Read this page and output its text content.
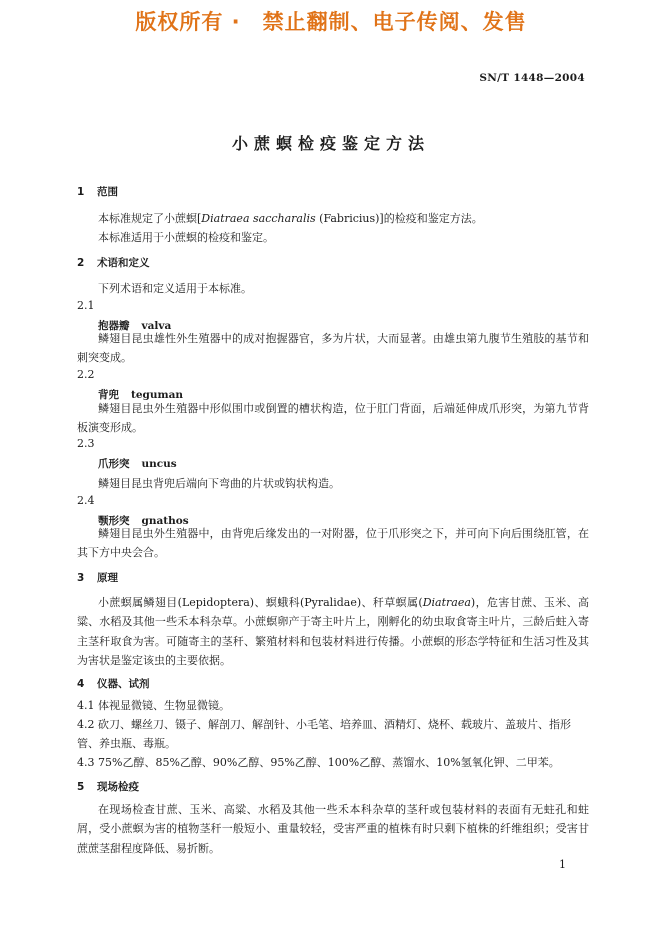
版权所有 ·　禁止翻制、电子传阅、发售
SN/T 1448—2004
小蔗螟检疫鉴定方法
1 范围
本标准规定了小蔗螟[Diatraea saccharalis (Fabricius)]的检疫和鉴定方法。
本标准适用于小蔗螟的检疫和鉴定。
2 术语和定义
下列术语和定义适用于本标准。
2.1
抱器瓣 valva
鳞翅目昆虫雄性外生殖器中的成对抱握器官，多为片状，大而显著。由雄虫第九腹节生殖肢的基节和刺突变成。
2.2
背兜 teguman
鳞翅目昆虫外生殖器中形似围巾或倒置的槽状构造，位于肛门背面，后端延伸成爪形突，为第九节背板演变形成。
2.3
爪形突 uncus
鳞翅目昆虫背兜后端向下弯曲的片状或钩状构造。
2.4
颚形突 gnathos
鳞翅目昆虫外生殖器中，由背兜后缘发出的一对附器，位于爪形突之下，并可向下向后围绕肛管，在其下方中央会合。
3 原理
小蔗螟属鳞翅目(Lepidoptera)、螟蛾科(Pyralidae)、秆草螟属(Diatraea)，危害甘蔗、玉米、高粱、水稻及其他一些禾本科杂草。小蔗螟卵产于寄主叶片上，刚孵化的幼虫取食寄主叶片，三龄后蛀入寄主茎秆取食为害。可随寄主的茎秆、繁殖材料和包装材料进行传播。小蔗螟的形态学特征和生活习性及其为害状是鉴定该虫的主要依据。
4 仪器、试剂
4.1 体视显微镜、生物显微镜。
4.2 砍刀、螺丝刀、镊子、解剖刀、解剖针、小毛笔、培养皿、酒精灯、烧杯、载玻片、盖玻片、指形管、养虫瓶、毒瓶。
4.3 75%乙醇、85%乙醇、90%乙醇、95%乙醇、100%乙醇、蒸馏水、10%氢氧化钾、二甲苯。
5 现场检疫
在现场检查甘蔗、玉米、高粱、水稻及其他一些禾本科杂草的茎秆或包装材料的表面有无蛀孔和蛀屑，受小蔗螟为害的植物茎秆一般短小、重量较轻，受害严重的植株有时只剩下植株的纤维组织；受害甘蔗蔗茎甜程度降低、易折断。
1
